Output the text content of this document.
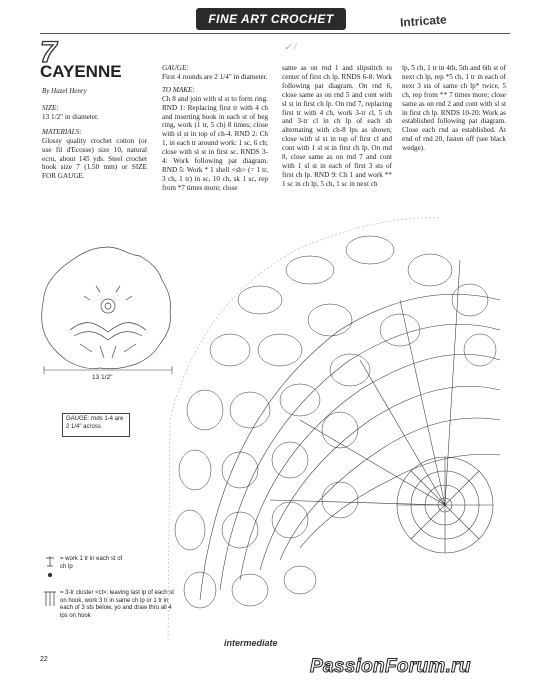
FINE ART CROCHET	Intricate
7
CAYENNE
By Hazel Henry
✓ /
SIZE:
13 1/2" in diameter.
MATERIALS:
Glossy quality crochet cotton (or use fil d'Ecosse) size 10, natural ecru, about 145 yds. Steel crochet hook size 7 (1.50 mm) or SIZE FOR GAUGE.
GAUGE:
First 4 rounds are 2 1/4" in diameter.
TO MAKE:
Ch 8 and join with sl st to form ring. RND 1: Replacing first tr with 4 ch and inserting hook in each st of beg ring, work (1 tr, 5 ch) 8 times; close with sl st in top of ch-4. RND 2: Ch 1, in each tr around work: 1 sc, 6 ch; close with sl st in first sc. RNDS 3-4: Work following pat diagram. RND 5: Work * 1 shell <sh> (= 1 tr, 3 ch, 1 tr) in sc, 10 ch, sk 1 sc, rep from *7 times more; close
same as on rnd 1 and slipstitch to center of first ch lp. RNDS 6-8: Work following pat diagram. On rnd 6, close same as on rnd 5 and cont with sl st in first ch lp. On rnd 7, replacing first tr with 4 ch, work 3-tr cl, 5 ch and 3-tr cl in ch lp of each sh alternating with ch-8 lps as shown; close with sl st in top of first cl and cont with 1 sl st in first ch lp. On rnd 8, close same as on rnd 7 and cont with 1 sl st in each of first 3 sts of first ch lp. RND 9: Ch 1 and work ** 1 sc in ch lp, 5 ch, 1 sc in next ch
lp, 5 ch, 1 tr in 4th, 5th and 6th st of next ch lp, rep *5 ch, 1 tr in each of next 3 sts of same ch lp* twice, 5 ch, rep from ** 7 times more; close same as on rnd 2 and cont with sl st in first ch lp. RNDS 10-20: Work as established following pat diagram. Close each rnd as established. At end of rnd 20, fasten off (see black wedge).
13 1/2"
GAUGE: rnds 1-4 are 2 1/4" across
= work 1 tr in each st of ch lp
= 3-tr cluster <cl>: leaving last lp of each st on hook, work 3 tr in same ch lp or 1 tr in each of 3 sts below, yo and draw thru all 4 lps on hook
intermediate
22	PassionForum.ru
